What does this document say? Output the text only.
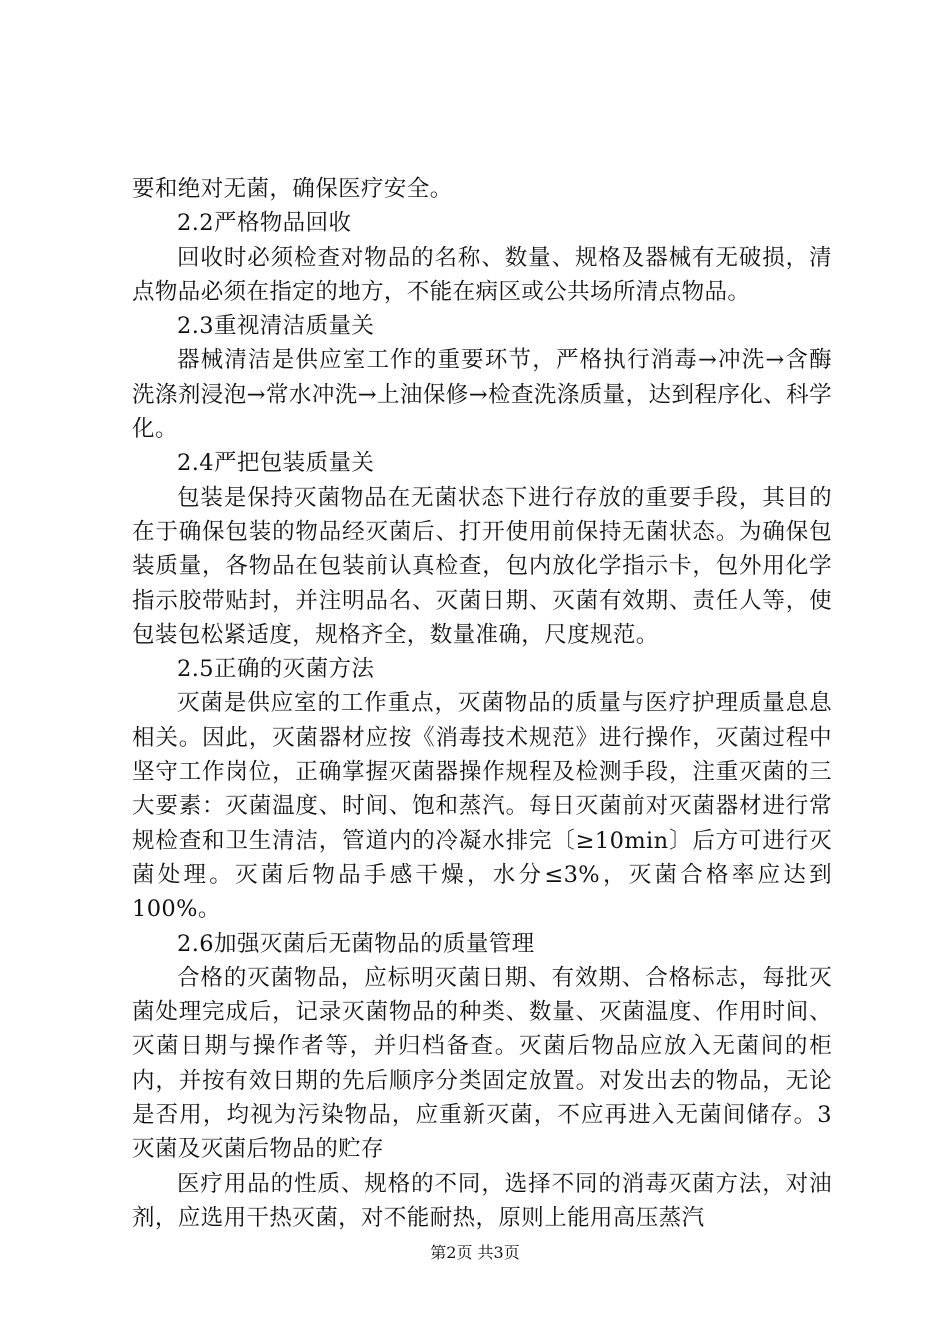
要和绝对无菌，确保医疗安全。

2.2严格物品回收

回收时必须检查对物品的名称、数量、规格及器械有无破损，清点物品必须在指定的地方，不能在病区或公共场所清点物品。

2.3重视清洁质量关

器械清洁是供应室工作的重要环节，严格执行消毒→冲洗→含酶洗涤剂浸泡→常水冲洗→上油保修→检查洗涤质量，达到程序化、科学化。

2.4严把包装质量关

包装是保持灭菌物品在无菌状态下进行存放的重要手段，其目的在于确保包装的物品经灭菌后、打开使用前保持无菌状态。为确保包装质量，各物品在包装前认真检查，包内放化学指示卡，包外用化学指示胶带贴封，并注明品名、灭菌日期、灭菌有效期、责任人等，使包装包松紧适度，规格齐全，数量准确，尺度规范。

2.5正确的灭菌方法

灭菌是供应室的工作重点，灭菌物品的质量与医疗护理质量息息相关。因此，灭菌器材应按《消毒技术规范》进行操作，灭菌过程中坚守工作岗位，正确掌握灭菌器操作规程及检测手段，注重灭菌的三大要素：灭菌温度、时间、饱和蒸汽。每日灭菌前对灭菌器材进行常规检查和卫生清洁，管道内的冷凝水排完〔≥10min〕后方可进行灭菌处理。灭菌后物品手感干燥，水分≤3%，灭菌合格率应达到100%。

2.6加强灭菌后无菌物品的质量管理

合格的灭菌物品，应标明灭菌日期、有效期、合格标志，每批灭菌处理完成后，记录灭菌物品的种类、数量、灭菌温度、作用时间、灭菌日期与操作者等，并归档备查。灭菌后物品应放入无菌间的柜内，并按有效日期的先后顺序分类固定放置。对发出去的物品，无论是否用，均视为污染物品，应重新灭菌，不应再进入无菌间储存。3灭菌及灭菌后物品的贮存

医疗用品的性质、规格的不同，选择不同的消毒灭菌方法，对油剂，应选用干热灭菌，对不能耐热，原则上能用高压蒸汽

第2页 共3页
